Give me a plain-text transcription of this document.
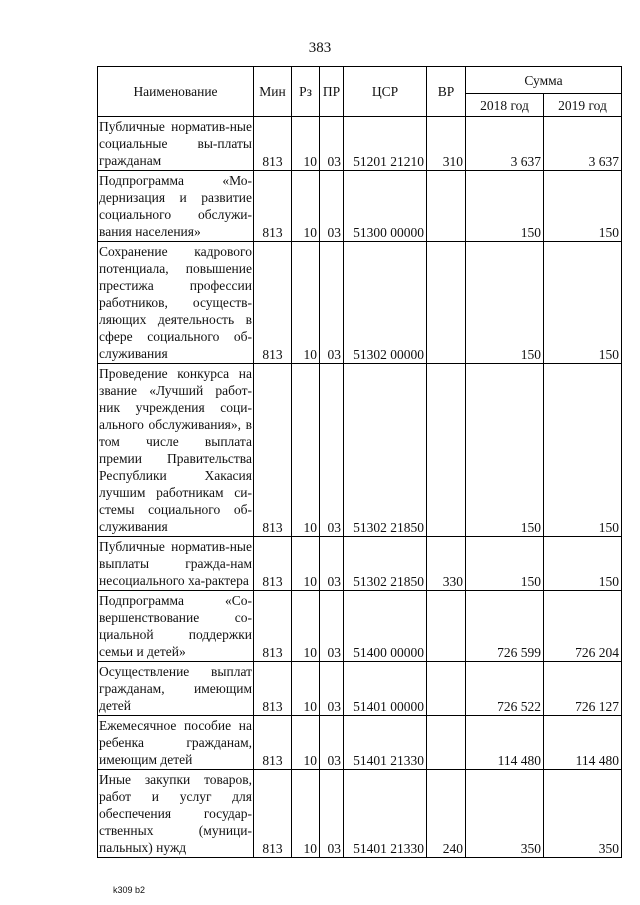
383
Наименование	Мин	Рз	ПР	ЦСР	ВР	Сумма	
						2018 год	2019 год
Публичные норматив-ные социальные вы-платы гражданам	813	10	03	51201 21210	310	3 637	3 637
Подпрограмма «Мо-дернизация и развитие социального обслужи-вания населения»	813	10	03	51300 00000		150	150
Сохранение кадрового потенциала, повышение престижа профессии работников, осуществ-ляющих деятельность в сфере социального об-служивания	813	10	03	51302 00000		150	150
Проведение конкурса на звание «Лучший работ-ник учреждения соци-ального обслуживания», в том числе выплата премии Правительства Республики Хакасия лучшим работникам си-стемы социального об-служивания	813	10	03	51302 21850		150	150
Публичные норматив-ные выплаты гражда-нам несоциального ха-рактера	813	10	03	51302 21850	330	150	150
Подпрограмма «Со-вершенствование со-циальной поддержки семьи и детей»	813	10	03	51400 00000		726 599	726 204
Осуществление выплат гражданам, имеющим детей	813	10	03	51401 00000		726 522	726 127
Ежемесячное пособие на ребенка гражданам, имеющим детей	813	10	03	51401 21330		114 480	114 480
Иные закупки товаров, работ и услуг для обеспечения государ-ственных (муници-пальных) нужд	813	10	03	51401 21330	240	350	350
k309 b2
